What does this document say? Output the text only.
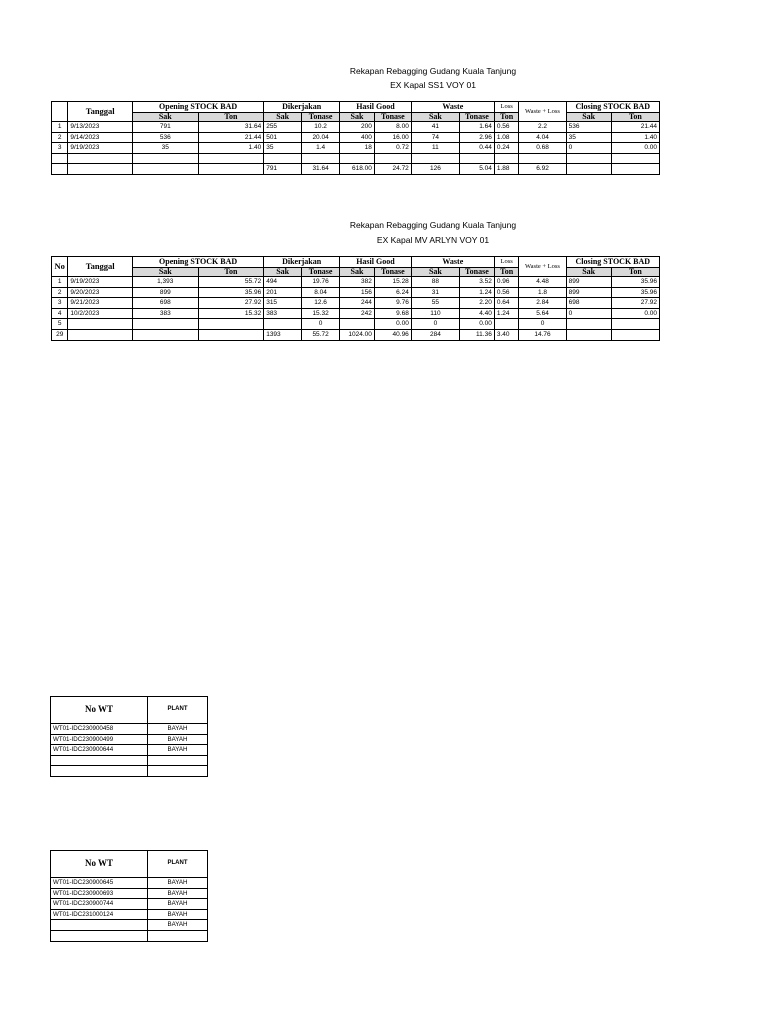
Rekapan Rebagging Gudang Kuala Tanjung
EX Kapal SS1 VOY 01
	Tanggal	Opening STOCK BAD		Dikerjakan		Hasil Good		Waste		Loss	Waste + Loss	Closing STOCK BAD	
		Sak	Ton	Sak	Tonase	Sak	Tonase	Sak	Tonase	Ton		Sak	Ton
1	9/13/2023	791	31.64	255	10.2	200	8.00	41	1.64	0.56	2.2	536	21.44
2	9/14/2023	536	21.44	501	20.04	400	16.00	74	2.96	1.08	4.04	35	1.40
3	9/19/2023	35	1.40	35	1.4	18	0.72	11	0.44	0.24	0.68	0	0.00

				791	31.64	618.00	24.72	126	5.04	1.88	6.92		
Rekapan Rebagging Gudang Kuala Tanjung
EX Kapal MV ARLYN VOY 01
No	Tanggal	Opening STOCK BAD		Dikerjakan		Hasil Good		Waste		Loss	Waste + Loss	Closing STOCK BAD	
		Sak	Ton	Sak	Tonase	Sak	Tonase	Sak	Tonase	Ton		Sak	Ton
1	9/19/2023	1,393	55.72	494	19.76	382	15.28	88	3.52	0.96	4.48	899	35.96
2	9/20/2023	899	35.96	201	8.04	156	6.24	31	1.24	0.56	1.8	899	35.96
3	9/21/2023	698	27.92	315	12.6	244	9.76	55	2.20	0.64	2.84	698	27.92
4	10/2/2023	383	15.32	383	15.32	242	9.68	110	4.40	1.24	5.64	0	0.00
5					0		0.00	0	0.00		0		
29				1393	55.72	1024.00	40.96	284	11.36	3.40	14.76		
No WT	PLANT
WT01-IDC230900458	BAYAH
WT01-IDC230900499	BAYAH
WT01-IDC230900644	BAYAH

No WT	PLANT
WT01-IDC230900645	BAYAH
WT01-IDC230900693	BAYAH
WT01-IDC230900744	BAYAH
WT01-IDC231000124	BAYAH
	BAYAH
